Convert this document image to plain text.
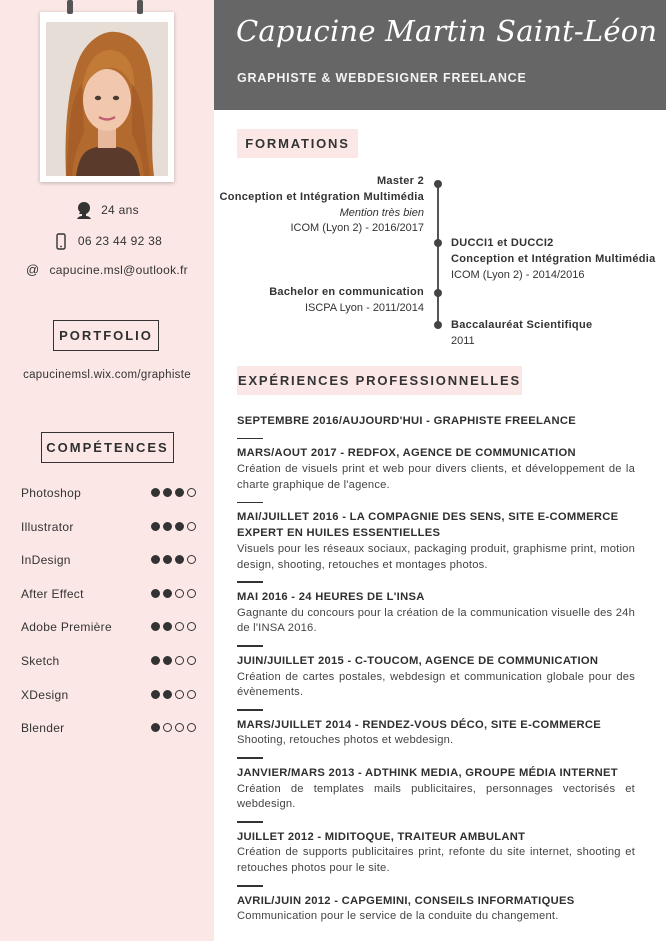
24 ans
06 23 44 92 38
@ capucine.msl@outlook.fr
PORTFOLIO
capucinemsl.wix.com/graphiste
COMPÉTENCES
Photoshop
Illustrator
InDesign
After Effect
Adobe Première
Sketch
XDesign
Blender
Capucine Martin Saint-Léon
GRAPHISTE & WEBDESIGNER FREELANCE
FORMATIONS
Master 2
Conception et Intégration Multimédia
Mention très bien
ICOM (Lyon 2) - 2016/2017
DUCCI1 et DUCCI2
Conception et Intégration Multimédia
ICOM (Lyon 2) - 2014/2016
Bachelor en communication
ISCPA Lyon - 2011/2014
Baccalauréat Scientifique
2011
EXPÉRIENCES PROFESSIONNELLES
SEPTEMBRE 2016/AUJOURD'HUI - GRAPHISTE FREELANCE
MARS/AOUT 2017 - REDFOX, AGENCE DE COMMUNICATION
Création de visuels print et web pour divers clients, et développement de la charte graphique de l'agence.
MAI/JUILLET 2016 - LA COMPAGNIE DES SENS, SITE E-COMMERCE EXPERT EN HUILES ESSENTIELLES
Visuels pour les réseaux sociaux, packaging produit, graphisme print, motion design, shooting, retouches et montages photos.
MAI 2016 - 24 HEURES DE L'INSA
Gagnante du concours pour la création de la communication visuelle des 24h de l'INSA 2016.
JUIN/JUILLET 2015 - C-TOUCOM, AGENCE DE COMMUNICATION
Création de cartes postales, webdesign et communication globale pour des évènements.
MARS/JUILLET 2014 - RENDEZ-VOUS DÉCO, SITE E-COMMERCE
Shooting, retouches photos et webdesign.
JANVIER/MARS 2013 - ADTHINK MEDIA, GROUPE MÉDIA INTERNET
Création de templates mails publicitaires, personnages vectorisés et webdesign.
JUILLET 2012 - MIDITOQUE, TRAITEUR AMBULANT
Création de supports publicitaires print, refonte du site internet, shooting et retouches photos pour le site.
AVRIL/JUIN 2012 - CAPGEMINI, CONSEILS INFORMATIQUES
Communication pour le service de la conduite du changement.
